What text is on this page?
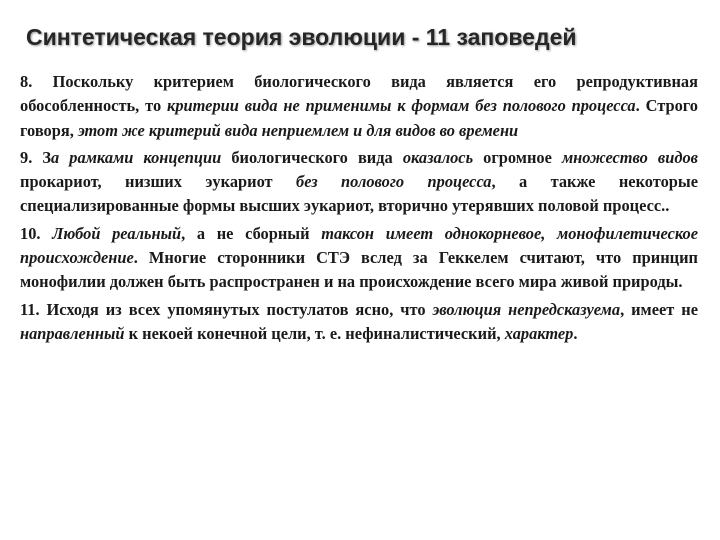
Синтетическая теория эволюции - 11 заповедей

8. Поскольку критерием биологического вида является его репродуктивная обособленность, то критерии вида не применимы к формам без полового процесса. Строго говоря, этот же критерий вида неприемлем и для видов во времени

9. За рамками концепции биологического вида оказалось огромное множество видов прокариот, низших эукариот без полового процесса, а также некоторые специализированные формы высших эукариот, вторично утерявших половой процесс..

10. Любой реальный, а не сборный таксон имеет однокорневое, монофилетическое происхождение. Многие сторонники СТЭ вслед за Геккелем считают, что принцип монофилии должен быть распространен и на происхождение всего мира живой природы.

11. Исходя из всех упомянутых постулатов ясно, что эволюция непредсказуема, имеет не направленный к некоей конечной цели, т. е. нефиналистический, характер.
